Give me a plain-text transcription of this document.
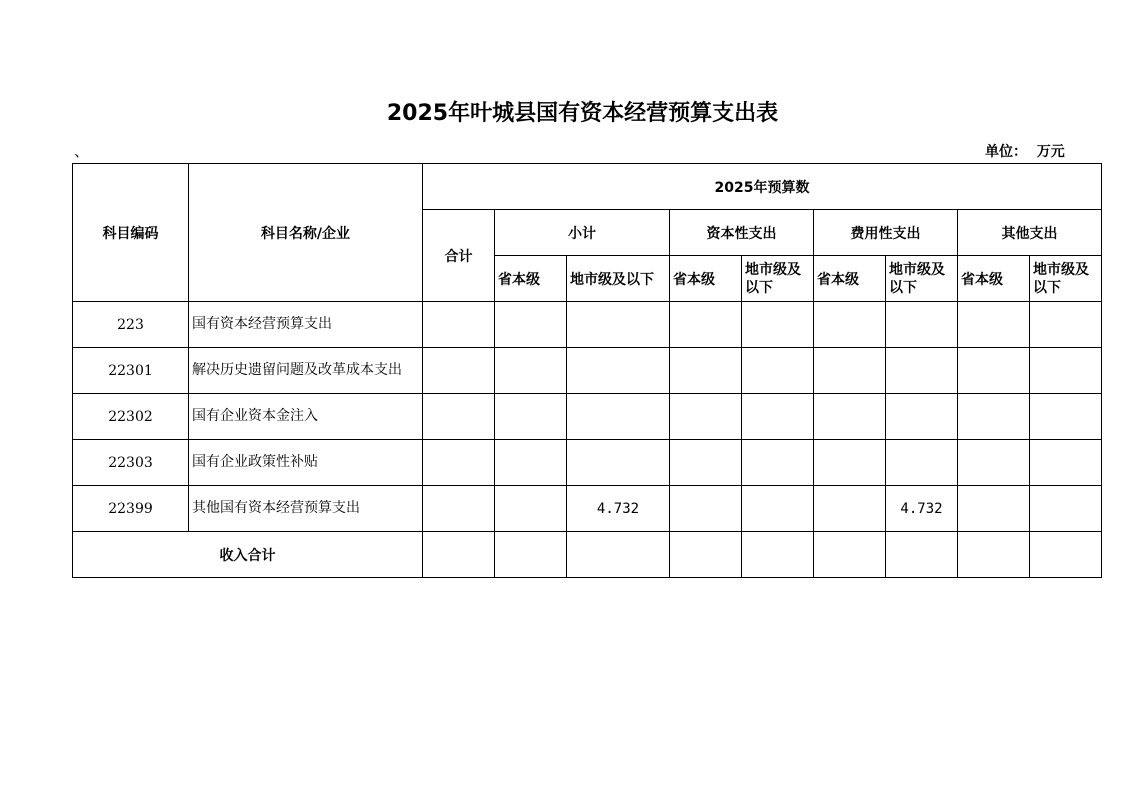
2025年叶城县国有资本经营预算支出表
、	单位：  万元
科目编码	科目名称/企业	2025年预算数								
		合计	小计		资本性支出		费用性支出		其他支出	
			省本级	地市级及以下	省本级	地市级及以下	省本级	地市级及以下	省本级	地市级及以下
223	国有资本经营预算支出									
22301	解决历史遗留问题及改革成本支出									
22302	国有企业资本金注入									
22303	国有企业政策性补贴									
22399	其他国有资本经营预算支出			4.732				4.732		
收入合计										
